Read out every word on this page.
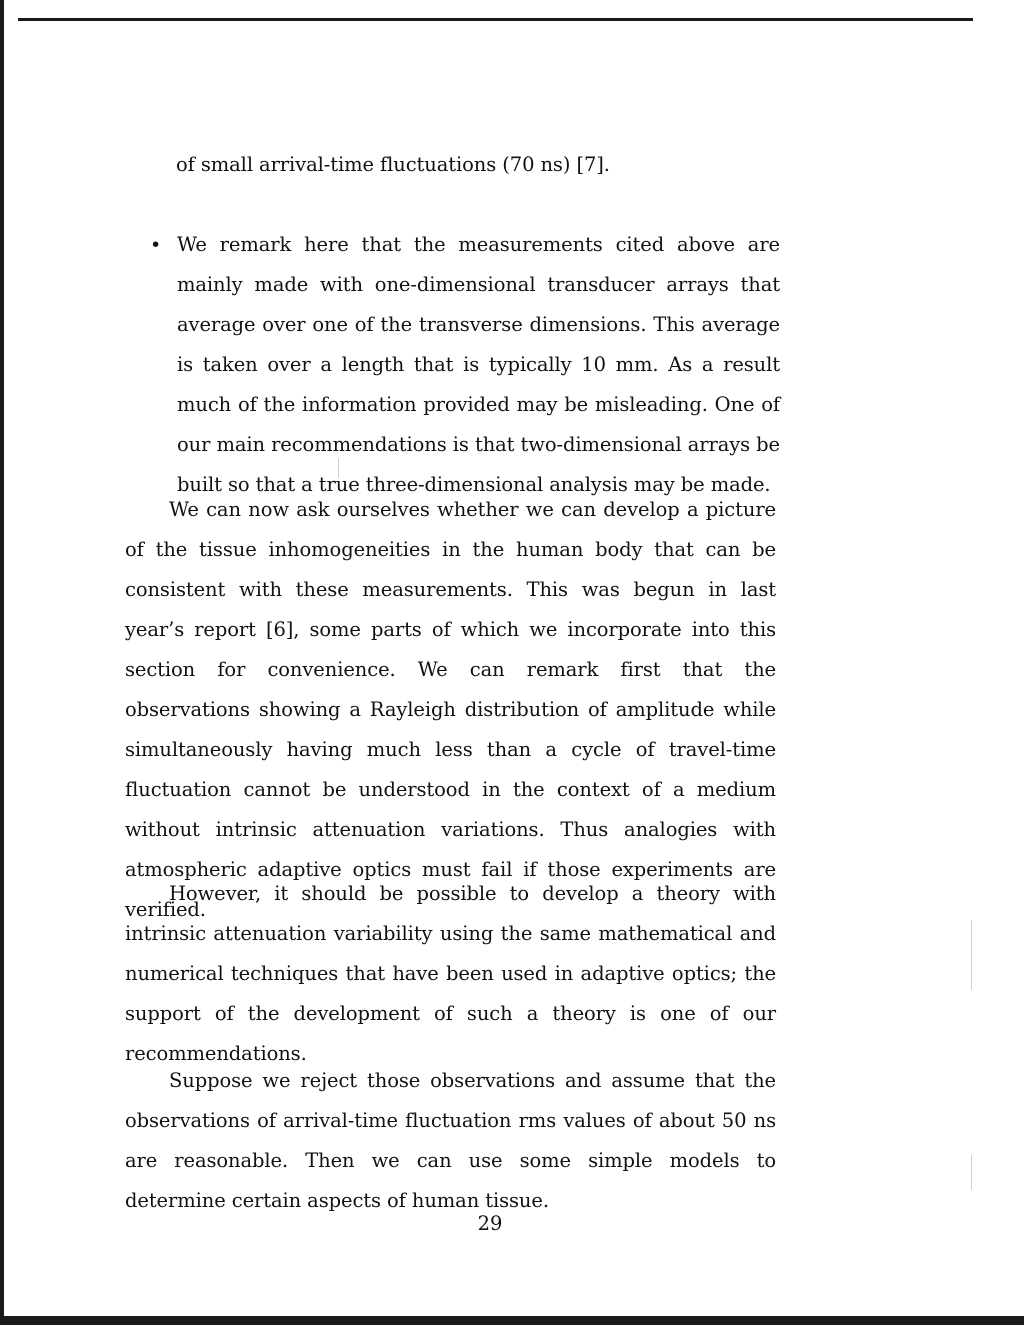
of small arrival-time fluctuations (70 ns) [7].

• We remark here that the measurements cited above are mainly made with one-dimensional transducer arrays that average over one of the transverse dimensions. This average is taken over a length that is typically 10 mm. As a result much of the information provided may be misleading. One of our main recommendations is that two-dimensional arrays be built so that a true three-dimensional analysis may be made.

We can now ask ourselves whether we can develop a picture of the tissue inhomogeneities in the human body that can be consistent with these measurements. This was begun in last year’s report [6], some parts of which we incorporate into this section for convenience. We can remark first that the observations showing a Rayleigh distribution of amplitude while simultaneously having much less than a cycle of travel-time fluctuation cannot be understood in the context of a medium without intrinsic attenuation variations. Thus analogies with atmospheric adaptive optics must fail if those experiments are verified.

However, it should be possible to develop a theory with intrinsic attenuation variability using the same mathematical and numerical techniques that have been used in adaptive optics; the support of the development of such a theory is one of our recommendations.

Suppose we reject those observations and assume that the observations of arrival-time fluctuation rms values of about 50 ns are reasonable. Then we can use some simple models to determine certain aspects of human tissue.

29
